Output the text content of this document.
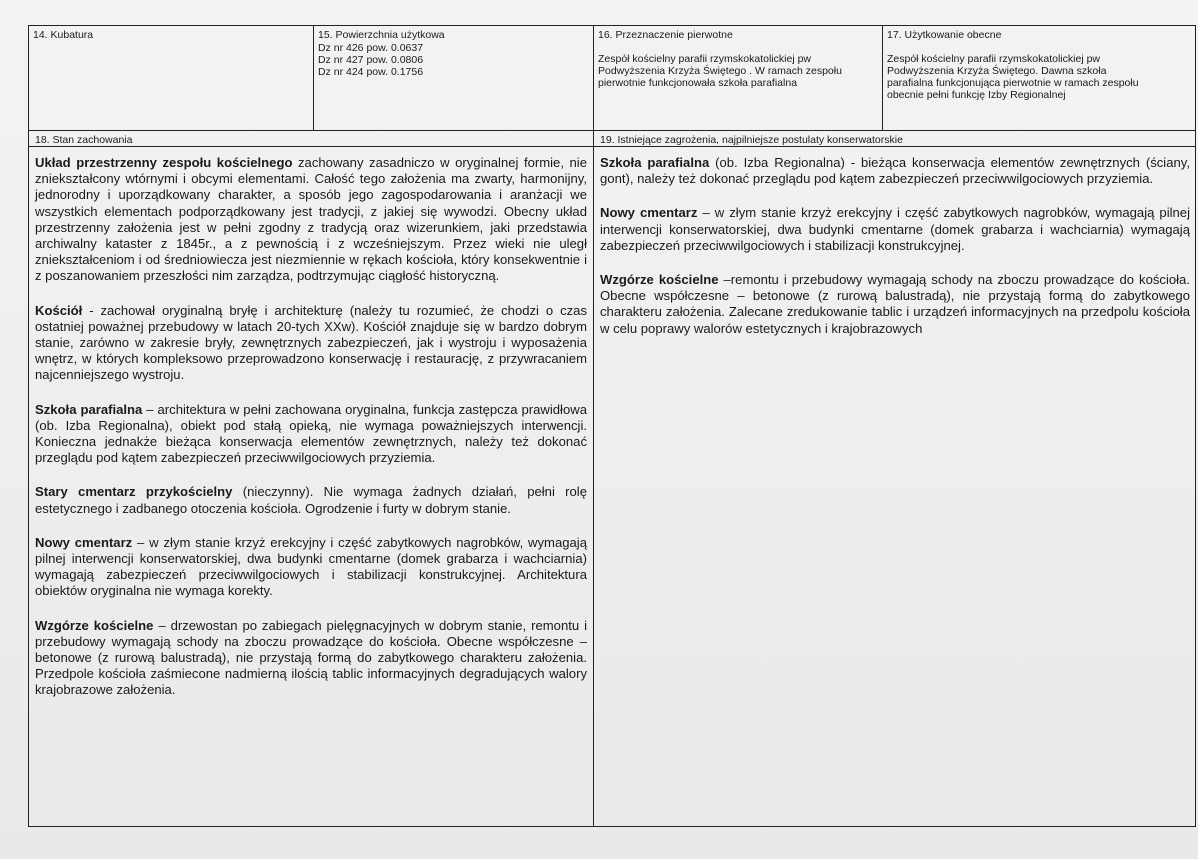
14. Kubatura	15. Powierzchnia użytkowa
Dz nr 426 pow. 0.0637
Dz nr 427 pow. 0.0806
Dz nr 424 pow. 0.1756
16. Przeznaczenie pierwotne
Zespół kościelny parafii rzymskokatolickiej pw
Podwyższenia Krzyża Świętego . W ramach zespołu
pierwotnie funkcjonowała szkoła parafialna
17. Użytkowanie obecne
Zespół kościelny parafii rzymskokatolickiej pw
Podwyższenia Krzyża Świętego. Dawna szkoła
parafialna funkcjonująca pierwotnie w ramach zespołu
obecnie pełni funkcję Izby Regionalnej
18. Stan zachowania

Układ przestrzenny zespołu kościelnego zachowany zasadniczo w oryginalnej formie, nie zniekształcony wtórnymi i obcymi elementami. Całość tego założenia ma zwarty, harmonijny, jednorodny i uporządkowany charakter, a sposób jego zagospodarowania i aranżacji we wszystkich elementach podporządkowany jest tradycji, z jakiej się wywodzi. Obecny układ przestrzenny założenia jest w pełni zgodny z tradycją oraz wizerunkiem, jaki przedstawia archiwalny kataster z 1845r., a z pewnością i z wcześniejszym. Przez wieki nie uległ zniekształceniom i od średniowiecza jest niezmiennie w rękach kościoła, który konsekwentnie i z poszanowaniem przeszłości nim zarządza, podtrzymując ciągłość historyczną.

Kościół - zachował oryginalną bryłę i architekturę (należy tu rozumieć, że chodzi o czas ostatniej poważnej przebudowy w latach 20-tych XXw). Kościół znajduje się w bardzo dobrym stanie, zarówno w zakresie bryły, zewnętrznych zabezpieczeń, jak i wystroju i wyposażenia wnętrz, w których kompleksowo przeprowadzono konserwację i restaurację, z przywracaniem najcenniejszego wystroju.

Szkoła parafialna – architektura w pełni zachowana oryginalna, funkcja zastępcza prawidłowa (ob. Izba Regionalna), obiekt pod stałą opieką, nie wymaga poważniejszych interwencji. Konieczna jednakże bieżąca konserwacja elementów zewnętrznych, należy też dokonać przeglądu pod kątem zabezpieczeń przeciwwilgociowych przyziemia.

Stary cmentarz przykościelny (nieczynny). Nie wymaga żadnych działań, pełni rolę estetycznego i zadbanego otoczenia kościoła. Ogrodzenie i furty w dobrym stanie.

Nowy cmentarz – w złym stanie krzyż erekcyjny i część zabytkowych nagrobków, wymagają pilnej interwencji konserwatorskiej, dwa budynki cmentarne (domek grabarza i wachciarnia) wymagają zabezpieczeń przeciwwilgociowych i stabilizacji konstrukcyjnej. Architektura obiektów oryginalna nie wymaga korekty.

Wzgórze kościelne – drzewostan po zabiegach pielęgnacyjnych w dobrym stanie, remontu i przebudowy wymagają schody na zboczu prowadzące do kościoła. Obecne współczesne – betonowe (z rurową balustradą), nie przystają formą do zabytkowego charakteru założenia. Przedpole kościoła zaśmiecone nadmierną ilością tablic informacyjnych degradujących walory krajobrazowe założenia.

19. Istniejące zagrożenia, najpilniejsze postulaty konserwatorskie

Szkoła parafialna (ob. Izba Regionalna) - bieżąca konserwacja elementów zewnętrznych (ściany, gont), należy też dokonać przeglądu pod kątem zabezpieczeń przeciwwilgociowych przyziemia.

Nowy cmentarz – w złym stanie krzyż erekcyjny i część zabytkowych nagrobków, wymagają pilnej interwencji konserwatorskiej, dwa budynki cmentarne (domek grabarza i wachciarnia) wymagają zabezpieczeń przeciwwilgociowych i stabilizacji konstrukcyjnej.

Wzgórze kościelne –remontu i przebudowy wymagają schody na zboczu prowadzące do kościoła. Obecne współczesne – betonowe (z rurową balustradą), nie przystają formą do zabytkowego charakteru założenia. Zalecane zredukowanie tablic i urządzeń informacyjnych na przedpolu kościoła w celu poprawy walorów estetycznych i krajobrazowych
